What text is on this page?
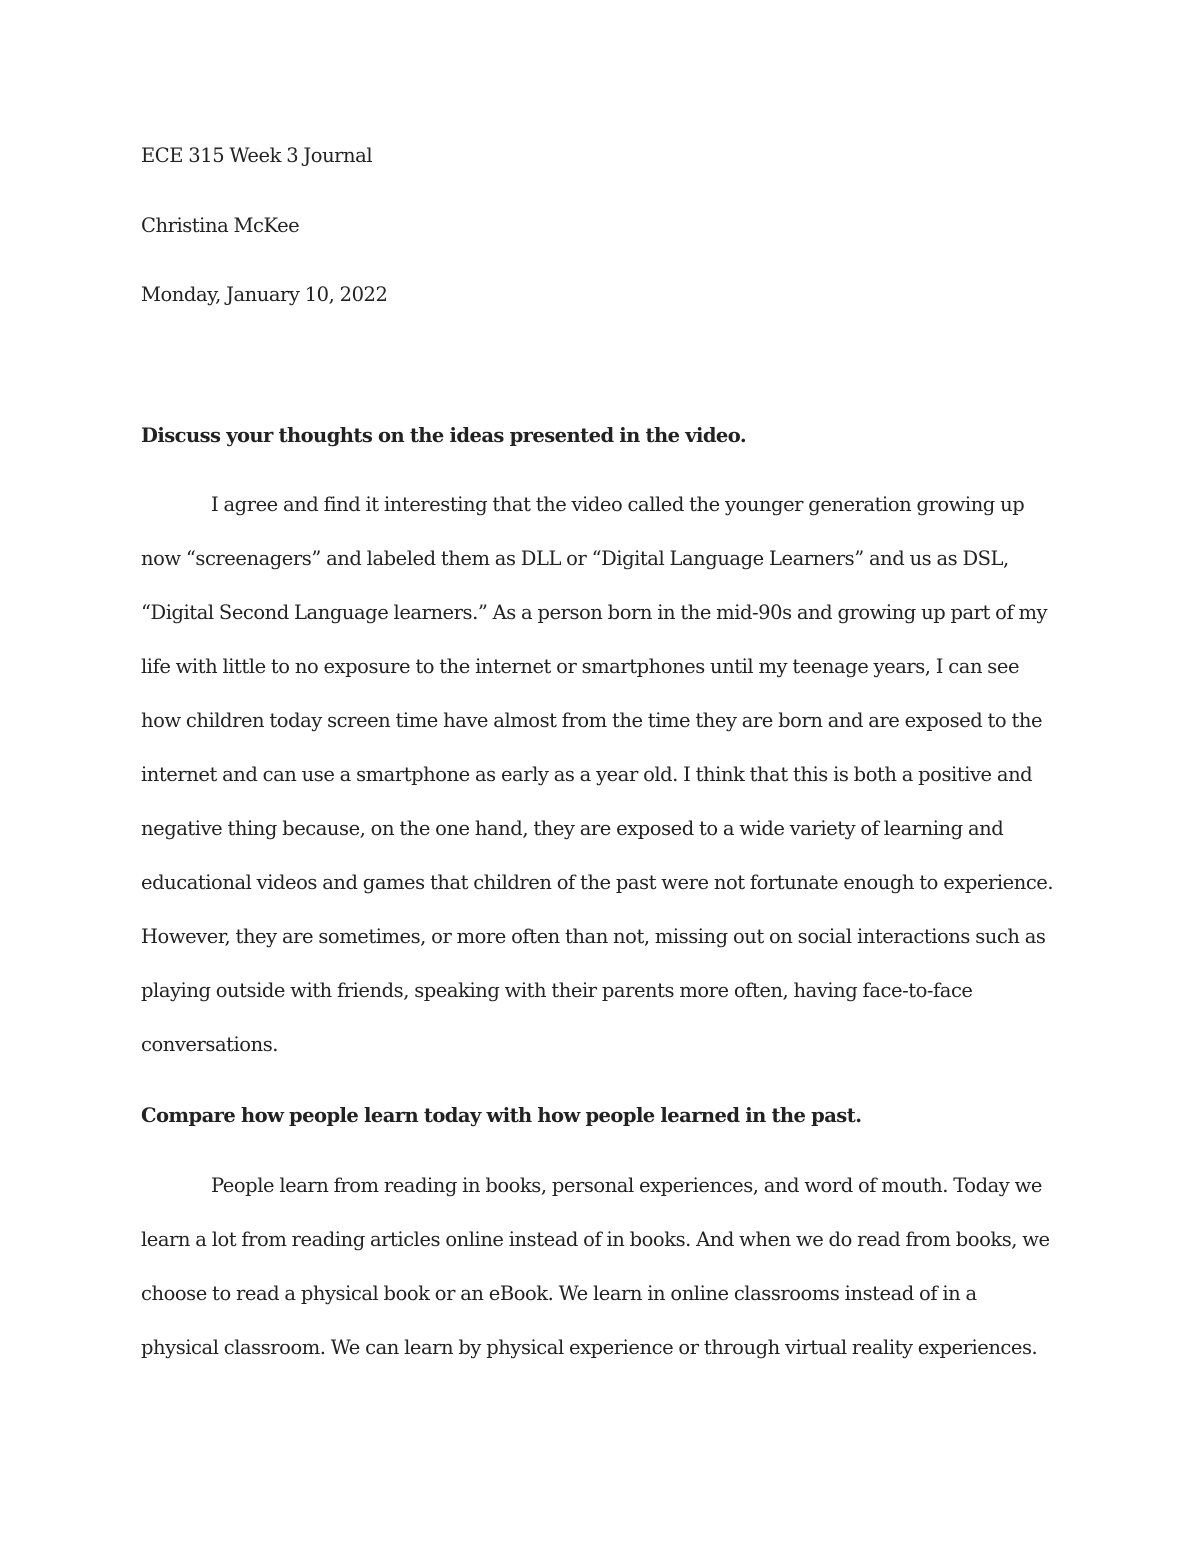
ECE 315 Week 3 Journal
Christina McKee
Monday, January 10, 2022
Discuss your thoughts on the ideas presented in the video.
I agree and find it interesting that the video called the younger generation growing up
now “screenagers” and labeled them as DLL or “Digital Language Learners” and us as DSL,
“Digital Second Language learners.” As a person born in the mid-90s and growing up part of my
life with little to no exposure to the internet or smartphones until my teenage years, I can see
how children today screen time have almost from the time they are born and are exposed to the
internet and can use a smartphone as early as a year old. I think that this is both a positive and
negative thing because, on the one hand, they are exposed to a wide variety of learning and
educational videos and games that children of the past were not fortunate enough to experience.
However, they are sometimes, or more often than not, missing out on social interactions such as
playing outside with friends, speaking with their parents more often, having face-to-face
conversations.
Compare how people learn today with how people learned in the past.
People learn from reading in books, personal experiences, and word of mouth. Today we
learn a lot from reading articles online instead of in books. And when we do read from books, we
choose to read a physical book or an eBook. We learn in online classrooms instead of in a
physical classroom. We can learn by physical experience or through virtual reality experiences.
